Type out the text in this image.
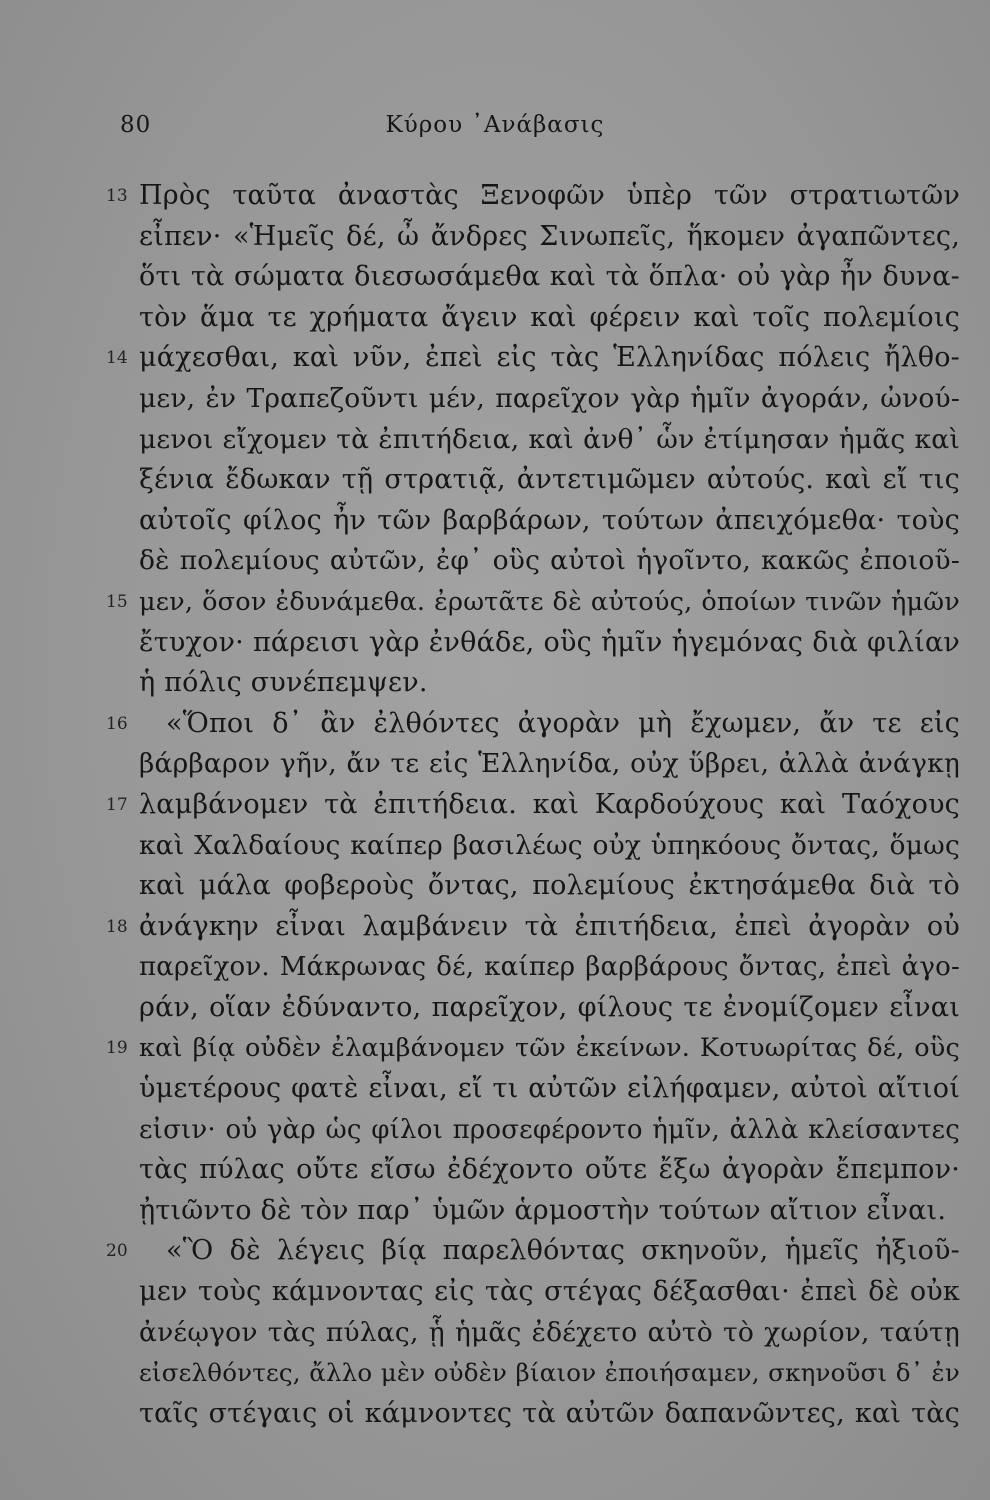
80	Κύρου ᾿Ανάβασις
13 Πρὸς ταῦτα ἀναστὰς Ξενοφῶν ὑπὲρ τῶν στρατιωτῶν
εἶπεν· «Ἡμεῖς δέ, ὦ ἄνδρες Σινωπεῖς, ἥκομεν ἀγαπῶντες,
ὅτι τὰ σώματα διεσωσάμεθα καὶ τὰ ὅπλα· οὐ γὰρ ἦν δυνα-
τὸν ἅμα τε χρήματα ἄγειν καὶ φέρειν καὶ τοῖς πολεμίοις
14 μάχεσθαι, καὶ νῦν, ἐπεὶ εἰς τὰς Ἑλληνίδας πόλεις ἤλθο-
μεν, ἐν Τραπεζοῦντι μέν, παρεῖχον γὰρ ἡμῖν ἀγοράν, ὠνού-
μενοι εἴχομεν τὰ ἐπιτήδεια, καὶ ἀνθ᾽ ὧν ἐτίμησαν ἡμᾶς καὶ
ξένια ἔδωκαν τῇ στρατιᾷ, ἀντετιμῶμεν αὐτούς. καὶ εἴ τις
αὐτοῖς φίλος ἦν τῶν βαρβάρων, τούτων ἀπειχόμεθα· τοὺς
δὲ πολεμίους αὐτῶν, ἐφ᾽ οὓς αὐτοὶ ἡγοῖντο, κακῶς ἐποιοῦ-
15 μεν, ὅσον ἐδυνάμεθα. ἐρωτᾶτε δὲ αὐτούς, ὁποίων τινῶν ἡμῶν
ἔτυχον· πάρεισι γὰρ ἐνθάδε, οὓς ἡμῖν ἡγεμόνας διὰ φιλίαν
ἡ πόλις συνέπεμψεν.
16 «Ὅποι δ᾽ ἂν ἐλθόντες ἀγορὰν μὴ ἔχωμεν, ἄν τε εἰς
βάρβαρον γῆν, ἄν τε εἰς Ἑλληνίδα, οὐχ ὕβρει, ἀλλὰ ἀνάγκῃ
17 λαμβάνομεν τὰ ἐπιτήδεια. καὶ Καρδούχους καὶ Ταόχους
καὶ Χαλδαίους καίπερ βασιλέως οὐχ ὑπηκόους ὄντας, ὅμως
καὶ μάλα φοβεροὺς ὄντας, πολεμίους ἐκτησάμεθα διὰ τὸ
18 ἀνάγκην εἶναι λαμβάνειν τὰ ἐπιτήδεια, ἐπεὶ ἀγορὰν οὐ
παρεῖχον. Μάκρωνας δέ, καίπερ βαρβάρους ὄντας, ἐπεὶ ἀγο-
ράν, οἵαν ἐδύναντο, παρεῖχον, φίλους τε ἐνομίζομεν εἶναι
19 καὶ βίᾳ οὐδὲν ἐλαμβάνομεν τῶν ἐκείνων. Κοτυωρίτας δέ, οὓς
ὑμετέρους φατὲ εἶναι, εἴ τι αὐτῶν εἰλήφαμεν, αὐτοὶ αἴτιοί
εἰσιν· οὐ γὰρ ὡς φίλοι προσεφέροντο ἡμῖν, ἀλλὰ κλείσαντες
τὰς πύλας οὔτε εἴσω ἐδέχοντο οὔτε ἔξω ἀγορὰν ἔπεμπον·
ᾐτιῶντο δὲ τὸν παρ᾽ ὑμῶν ἁρμοστὴν τούτων αἴτιον εἶναι.
20 «Ὃ δὲ λέγεις βίᾳ παρελθόντας σκηνοῦν, ἡμεῖς ἠξιοῦ-
μεν τοὺς κάμνοντας εἰς τὰς στέγας δέξασθαι· ἐπεὶ δὲ οὐκ
ἀνέῳγον τὰς πύλας, ᾗ ἡμᾶς ἐδέχετο αὐτὸ τὸ χωρίον, ταύτῃ
εἰσελθόντες, ἄλλο μὲν οὐδὲν βίαιον ἐποιήσαμεν, σκηνοῦσι δ᾽ ἐν
ταῖς στέγαις οἱ κάμνοντες τὰ αὐτῶν δαπανῶντες, καὶ τὰς
